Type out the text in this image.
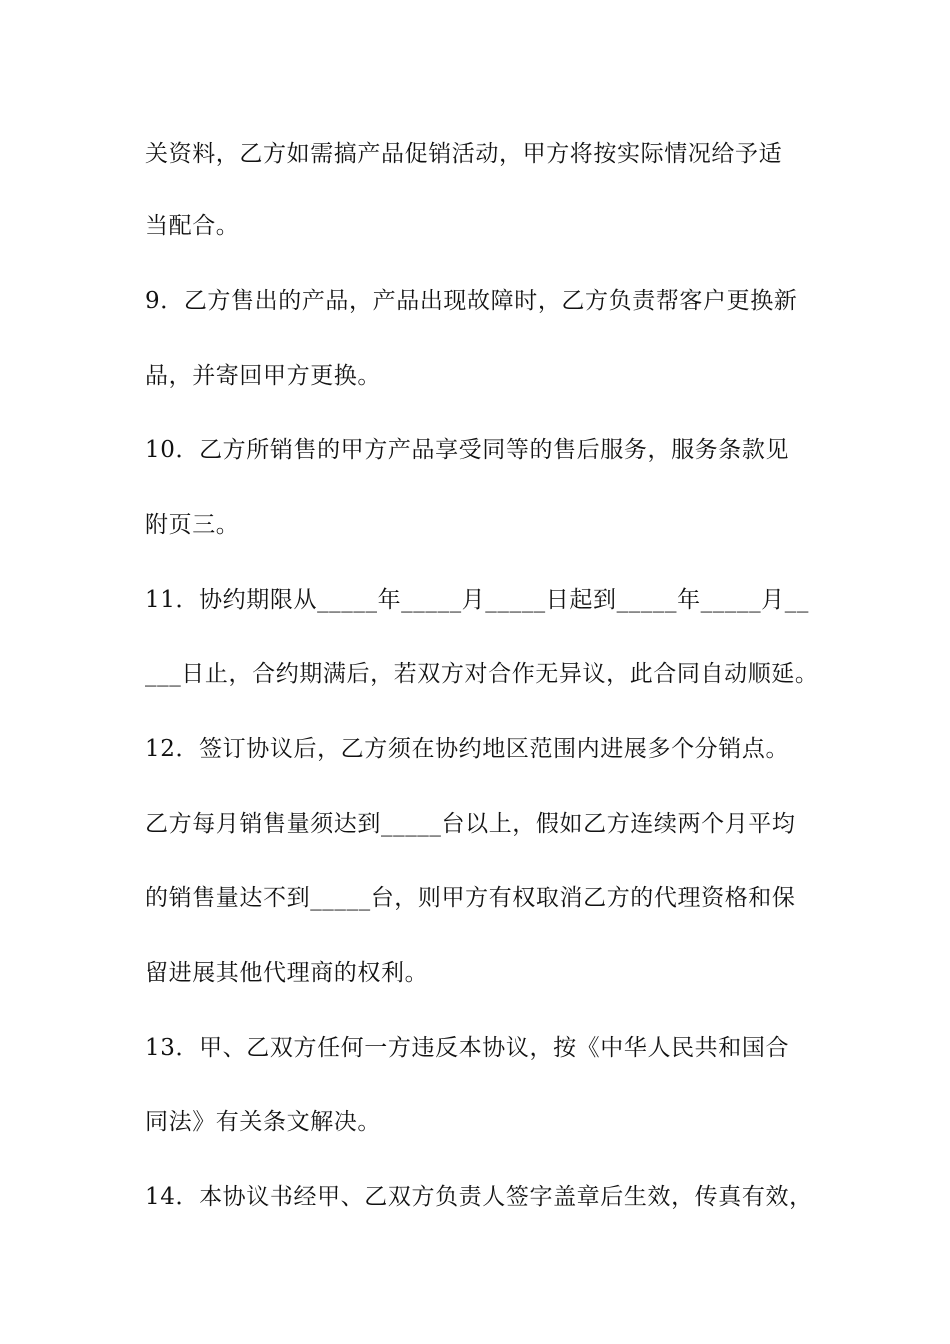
关资料，乙方如需搞产品促销活动，甲方将按实际情况给予适
当配合。
9．乙方售出的产品，产品出现故障时，乙方负责帮客户更换新
品，并寄回甲方更换。
10．乙方所销售的甲方产品享受同等的售后服务，服务条款见
附页三。
11．协约期限从_____年_____月_____日起到_____年_____月__
___日止，合约期满后，若双方对合作无异议，此合同自动顺延。
12．签订协议后，乙方须在协约地区范围内进展多个分销点。
乙方每月销售量须达到_____台以上，假如乙方连续两个月平均
的销售量达不到_____台，则甲方有权取消乙方的代理资格和保
留进展其他代理商的权利。
13．甲、乙双方任何一方违反本协议，按《中华人民共和国合
同法》有关条文解决。
14．本协议书经甲、乙双方负责人签字盖章后生效，传真有效，
